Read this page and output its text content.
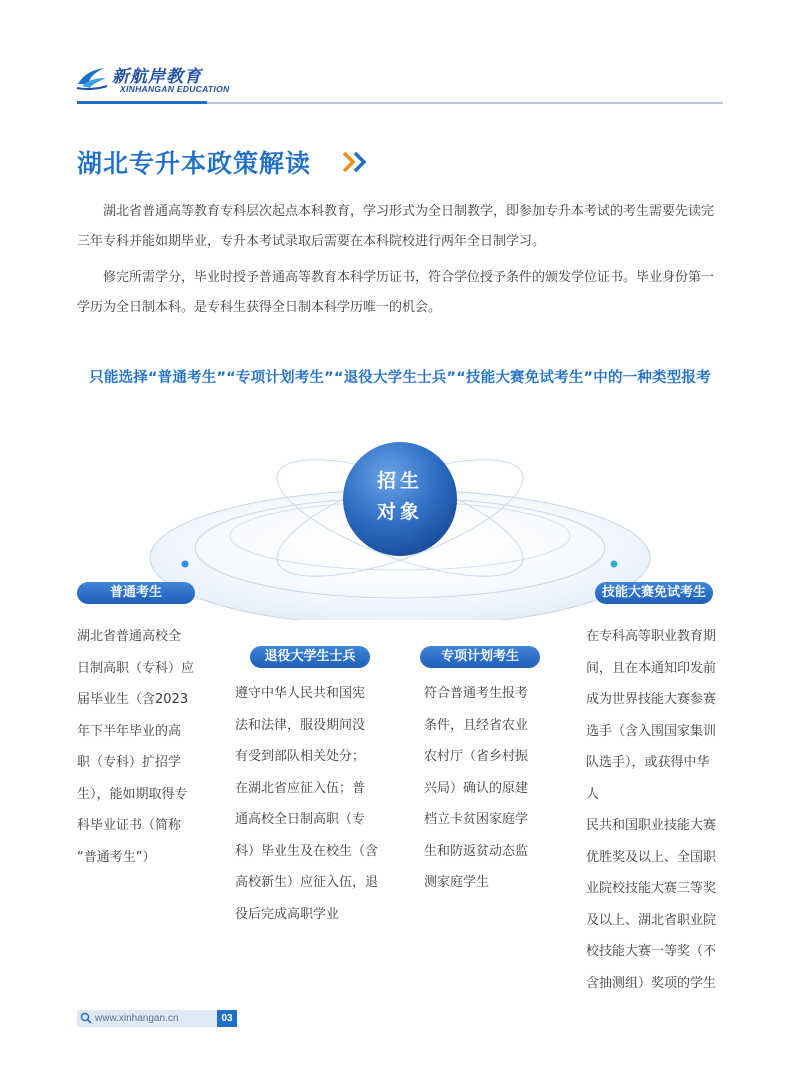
新航岸教育
XINHANGAN EDUCATION
湖北专升本政策解读

湖北省普通高等教育专科层次起点本科教育，学习形式为全日制教学，即参加专升本考试的考生需要先读完三年专科并能如期毕业，专升本考试录取后需要在本科院校进行两年全日制学习。

修完所需学分，毕业时授予普通高等教育本科学历证书，符合学位授予条件的颁发学位证书。毕业身份第一学历为全日制本科。是专科生获得全日制本科学历唯一的机会。

只能选择“普通考生”“专项计划考生”“退役大学生士兵”“技能大赛免试考生”中的一种类型报考
招生
对象
普通考生
退役大学生士兵	专项计划考生
技能大赛免试考生
湖北省普通高校全
日制高职（专科）应
届毕业生（含2023
年下半年毕业的高
职（专科）扩招学
生），能如期取得专
科毕业证书（简称
“普通考生”）
遵守中华人民共和国宪
法和法律，服役期间没
有受到部队相关处分；
在湖北省应征入伍；普
通高校全日制高职（专
科）毕业生及在校生（含
高校新生）应征入伍，退
役后完成高职学业
符合普通考生报考
条件，且经省农业
农村厅（省乡村振
兴局）确认的原建
档立卡贫困家庭学
生和防返贫动态监
测家庭学生
在专科高等职业教育期
间，且在本通知印发前
成为世界技能大赛参赛
选手（含入围国家集训
队选手），或获得中华人
民共和国职业技能大赛
优胜奖及以上、全国职
业院校技能大赛三等奖
及以上、湖北省职业院
校技能大赛一等奖（不
含抽测组）奖项的学生
www.xinhangan.cn	03
